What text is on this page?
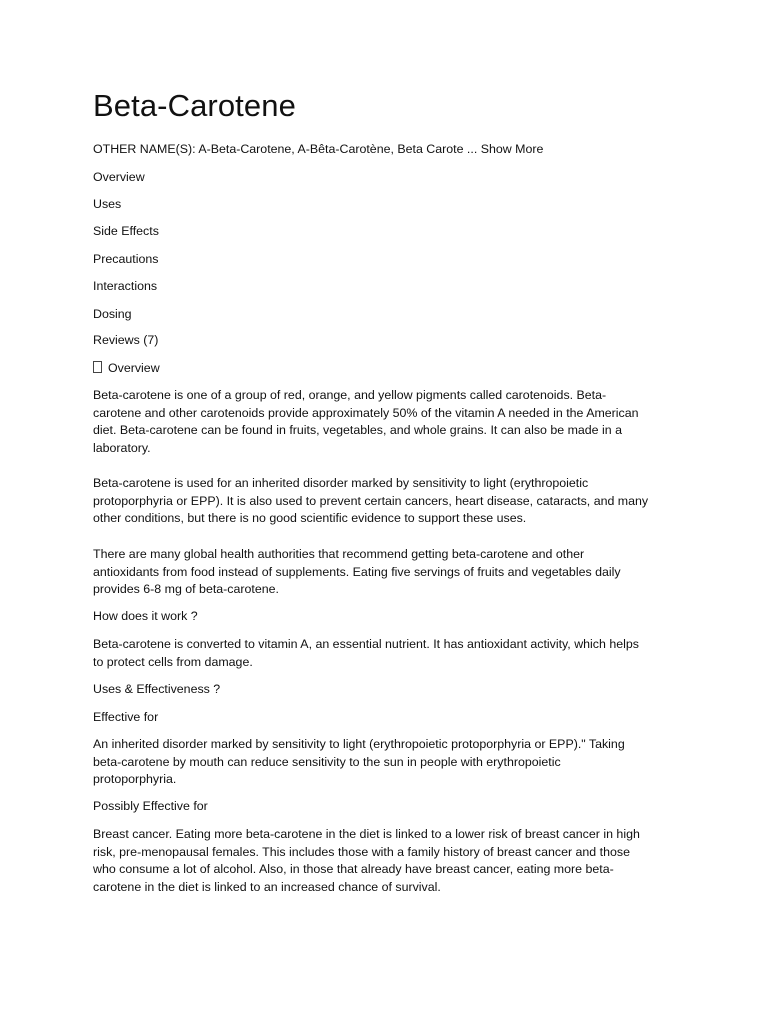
Beta-Carotene
OTHER NAME(S): A-Beta-Carotene, A-Bêta-Carotène, Beta Carote ... Show More
Overview
Uses
Side Effects
Precautions
Interactions
Dosing
Reviews (7)
Overview
Beta-carotene is one of a group of red, orange, and yellow pigments called carotenoids. Beta-
carotene and other carotenoids provide approximately 50% of the vitamin A needed in the American
diet. Beta-carotene can be found in fruits, vegetables, and whole grains. It can also be made in a
laboratory.
Beta-carotene is used for an inherited disorder marked by sensitivity to light (erythropoietic
protoporphyria or EPP). It is also used to prevent certain cancers, heart disease, cataracts, and many
other conditions, but there is no good scientific evidence to support these uses.
There are many global health authorities that recommend getting beta-carotene and other
antioxidants from food instead of supplements. Eating five servings of fruits and vegetables daily
provides 6-8 mg of beta-carotene.
How does it work ?
Beta-carotene is converted to vitamin A, an essential nutrient. It has antioxidant activity, which helps
to protect cells from damage.
Uses & Effectiveness ?
Effective for
An inherited disorder marked by sensitivity to light (erythropoietic protoporphyria or EPP)." Taking
beta-carotene by mouth can reduce sensitivity to the sun in people with erythropoietic
protoporphyria.
Possibly Effective for
Breast cancer. Eating more beta-carotene in the diet is linked to a lower risk of breast cancer in high
risk, pre-menopausal females. This includes those with a family history of breast cancer and those
who consume a lot of alcohol. Also, in those that already have breast cancer, eating more beta-
carotene in the diet is linked to an increased chance of survival.
